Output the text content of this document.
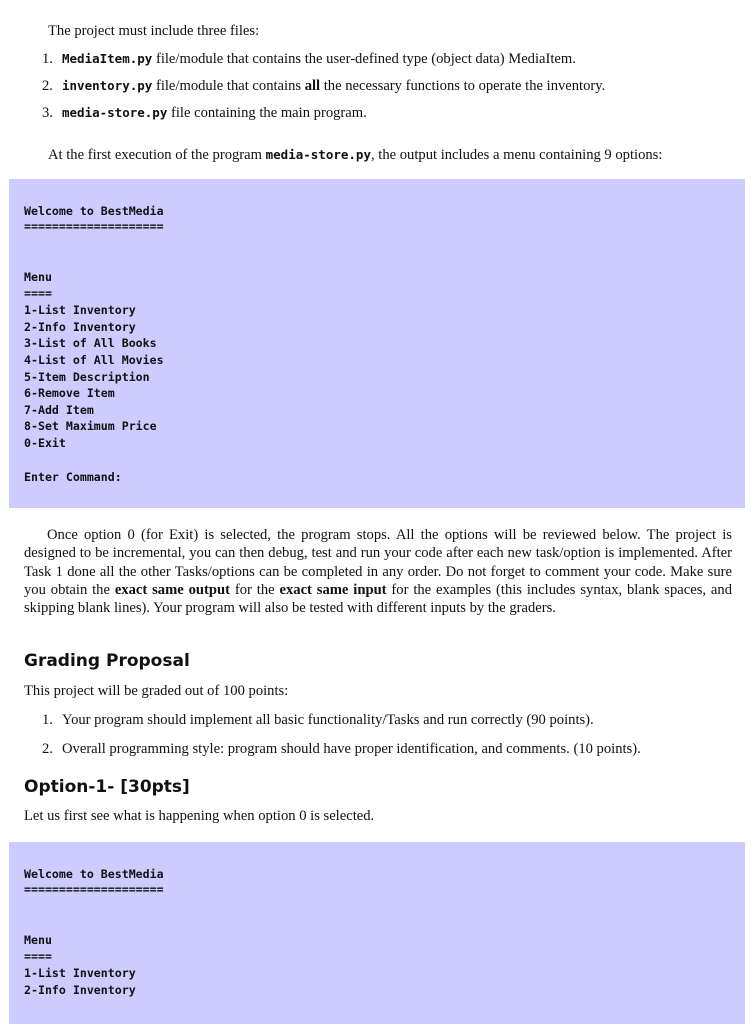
The project must include three files:
1. MediaItem.py file/module that contains the user-defined type (object data) MediaItem.
2. inventory.py file/module that contains all the necessary functions to operate the inventory.
3. media-store.py file containing the main program.
At the first execution of the program media-store.py, the output includes a menu containing 9 options:
Welcome to BestMedia
====================
Menu
====
1-List Inventory
2-Info Inventory
3-List of All Books
4-List of All Movies
5-Item Description
6-Remove Item
7-Add Item
8-Set Maximum Price
0-Exit
Enter Command:
Once option 0 (for Exit) is selected, the program stops. All the options will be reviewed below. The project is designed to be incremental, you can then debug, test and run your code after each new task/option is implemented. After Task 1 done all the other Tasks/options can be completed in any order. Do not forget to comment your code. Make sure you obtain the exact same output for the exact same input for the examples (this includes syntax, blank spaces, and skipping blank lines). Your program will also be tested with different inputs by the graders.
Grading Proposal
This project will be graded out of 100 points:
1. Your program should implement all basic functionality/Tasks and run correctly (90 points).
2. Overall programming style: program should have proper identification, and comments. (10 points).
Option-1- [30pts]
Let us first see what is happening when option 0 is selected.
Welcome to BestMedia
====================
Menu
====
1-List Inventory
2-Info Inventory
